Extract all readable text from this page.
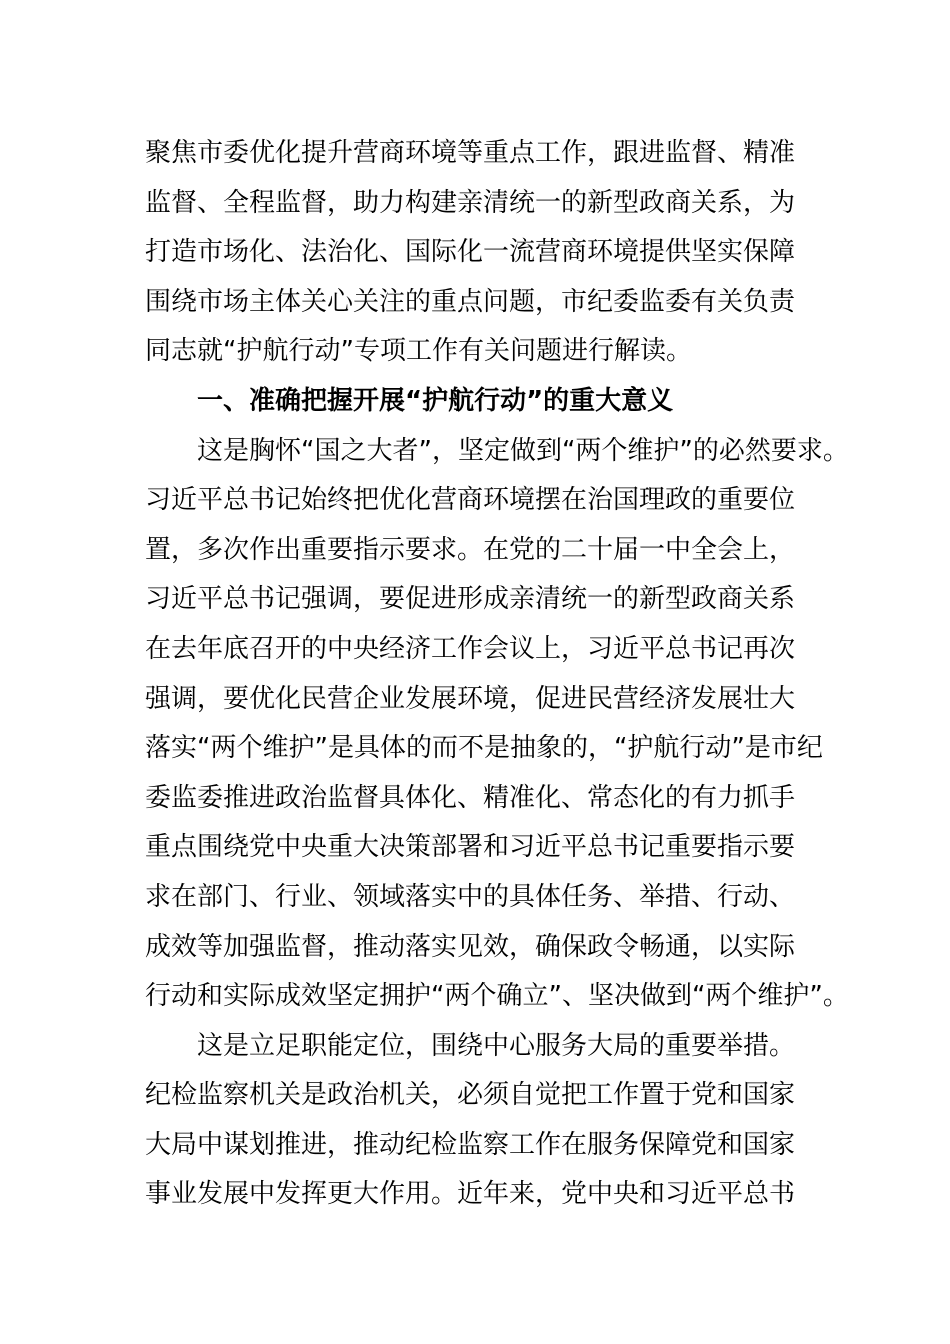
聚焦市委优化提升营商环境等重点工作，跟进监督、精准
监督、全程监督，助力构建亲清统一的新型政商关系，为
打造市场化、法治化、国际化一流营商环境提供坚实保障
围绕市场主体关心关注的重点问题，市纪委监委有关负责
同志就“护航行动”专项工作有关问题进行解读。
一、准确把握开展“护航行动”的重大意义
这是胸怀“国之大者”，坚定做到“两个维护”的必然要求。
习近平总书记始终把优化营商环境摆在治国理政的重要位
置，多次作出重要指示要求。在党的二十届一中全会上，
习近平总书记强调，要促进形成亲清统一的新型政商关系
在去年底召开的中央经济工作会议上，习近平总书记再次
强调，要优化民营企业发展环境，促进民营经济发展壮大
落实“两个维护”是具体的而不是抽象的，“护航行动”是市纪
委监委推进政治监督具体化、精准化、常态化的有力抓手
重点围绕党中央重大决策部署和习近平总书记重要指示要
求在部门、行业、领域落实中的具体任务、举措、行动、
成效等加强监督，推动落实见效，确保政令畅通，以实际
行动和实际成效坚定拥护“两个确立”、坚决做到“两个维护”。
这是立足职能定位，围绕中心服务大局的重要举措。
纪检监察机关是政治机关，必须自觉把工作置于党和国家
大局中谋划推进，推动纪检监察工作在服务保障党和国家
事业发展中发挥更大作用。近年来，党中央和习近平总书
